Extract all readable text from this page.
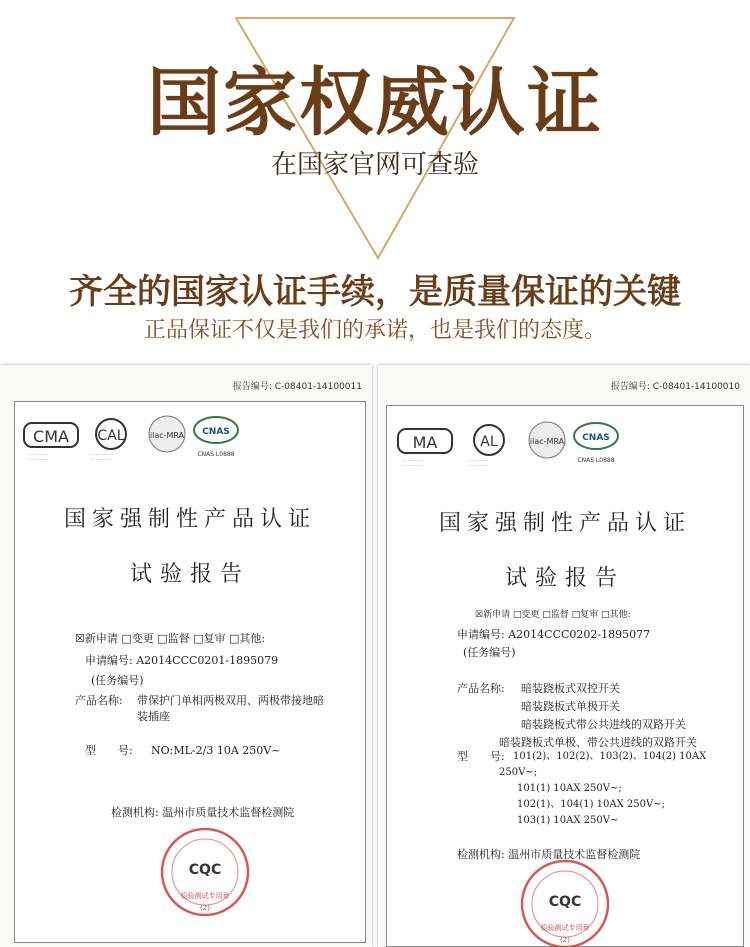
国家权威认证
在国家官网可查验
齐全的国家认证手续，是质量保证的关键
正品保证不仅是我们的承诺，也是我们的态度。
报告编号: C-08401-14100011
CMA CAL	ilac-MRA CNAS
CNAS L0888
··· ··· ··· ···
··· ··· ··· ···
··· ··· ··· ···
··· ··· ··· ···
国家强制性产品认证
试验报告
☒新申请 □变更 □监督 □复审 □其他:
申请编号: A2014CCC0201-1895079
(任务编号)
产品名称: 带保护门单相两极双用、两极带接地暗
装插座
型　　号: NO:ML-2/3 10A 250V~
检测机构: 温州市质量技术监督检测院
CQC
检验测试专用章
(2)
报告编号: C-08401-14100010
MA	AL	ilac-MRA CNAS
CNAS L0888
··· ··· ··· ···
··· ··· ··· ···
··· ··· ··· ···
··· ··· ··· ···
国家强制性产品认证
试验报告
☒新申请 □变更 □监督 □复审 □其他:
申请编号: A2014CCC0202-1895077
(任务编号)
产品名称: 暗装跷板式双控开关
暗装跷板式单极开关
暗装跷板式带公共进线的双路开关
暗装跷板式单极、带公共进线的双路开关
型　　号: 101(2)、102(2)、103(2)、104(2) 10AX
250V~;
101(1) 10AX 250V~;
102(1)、104(1) 10AX 250V~;
103(1) 10AX 250V~
检测机构: 温州市质量技术监督检测院
CQC
检验测试专用章
(2)
